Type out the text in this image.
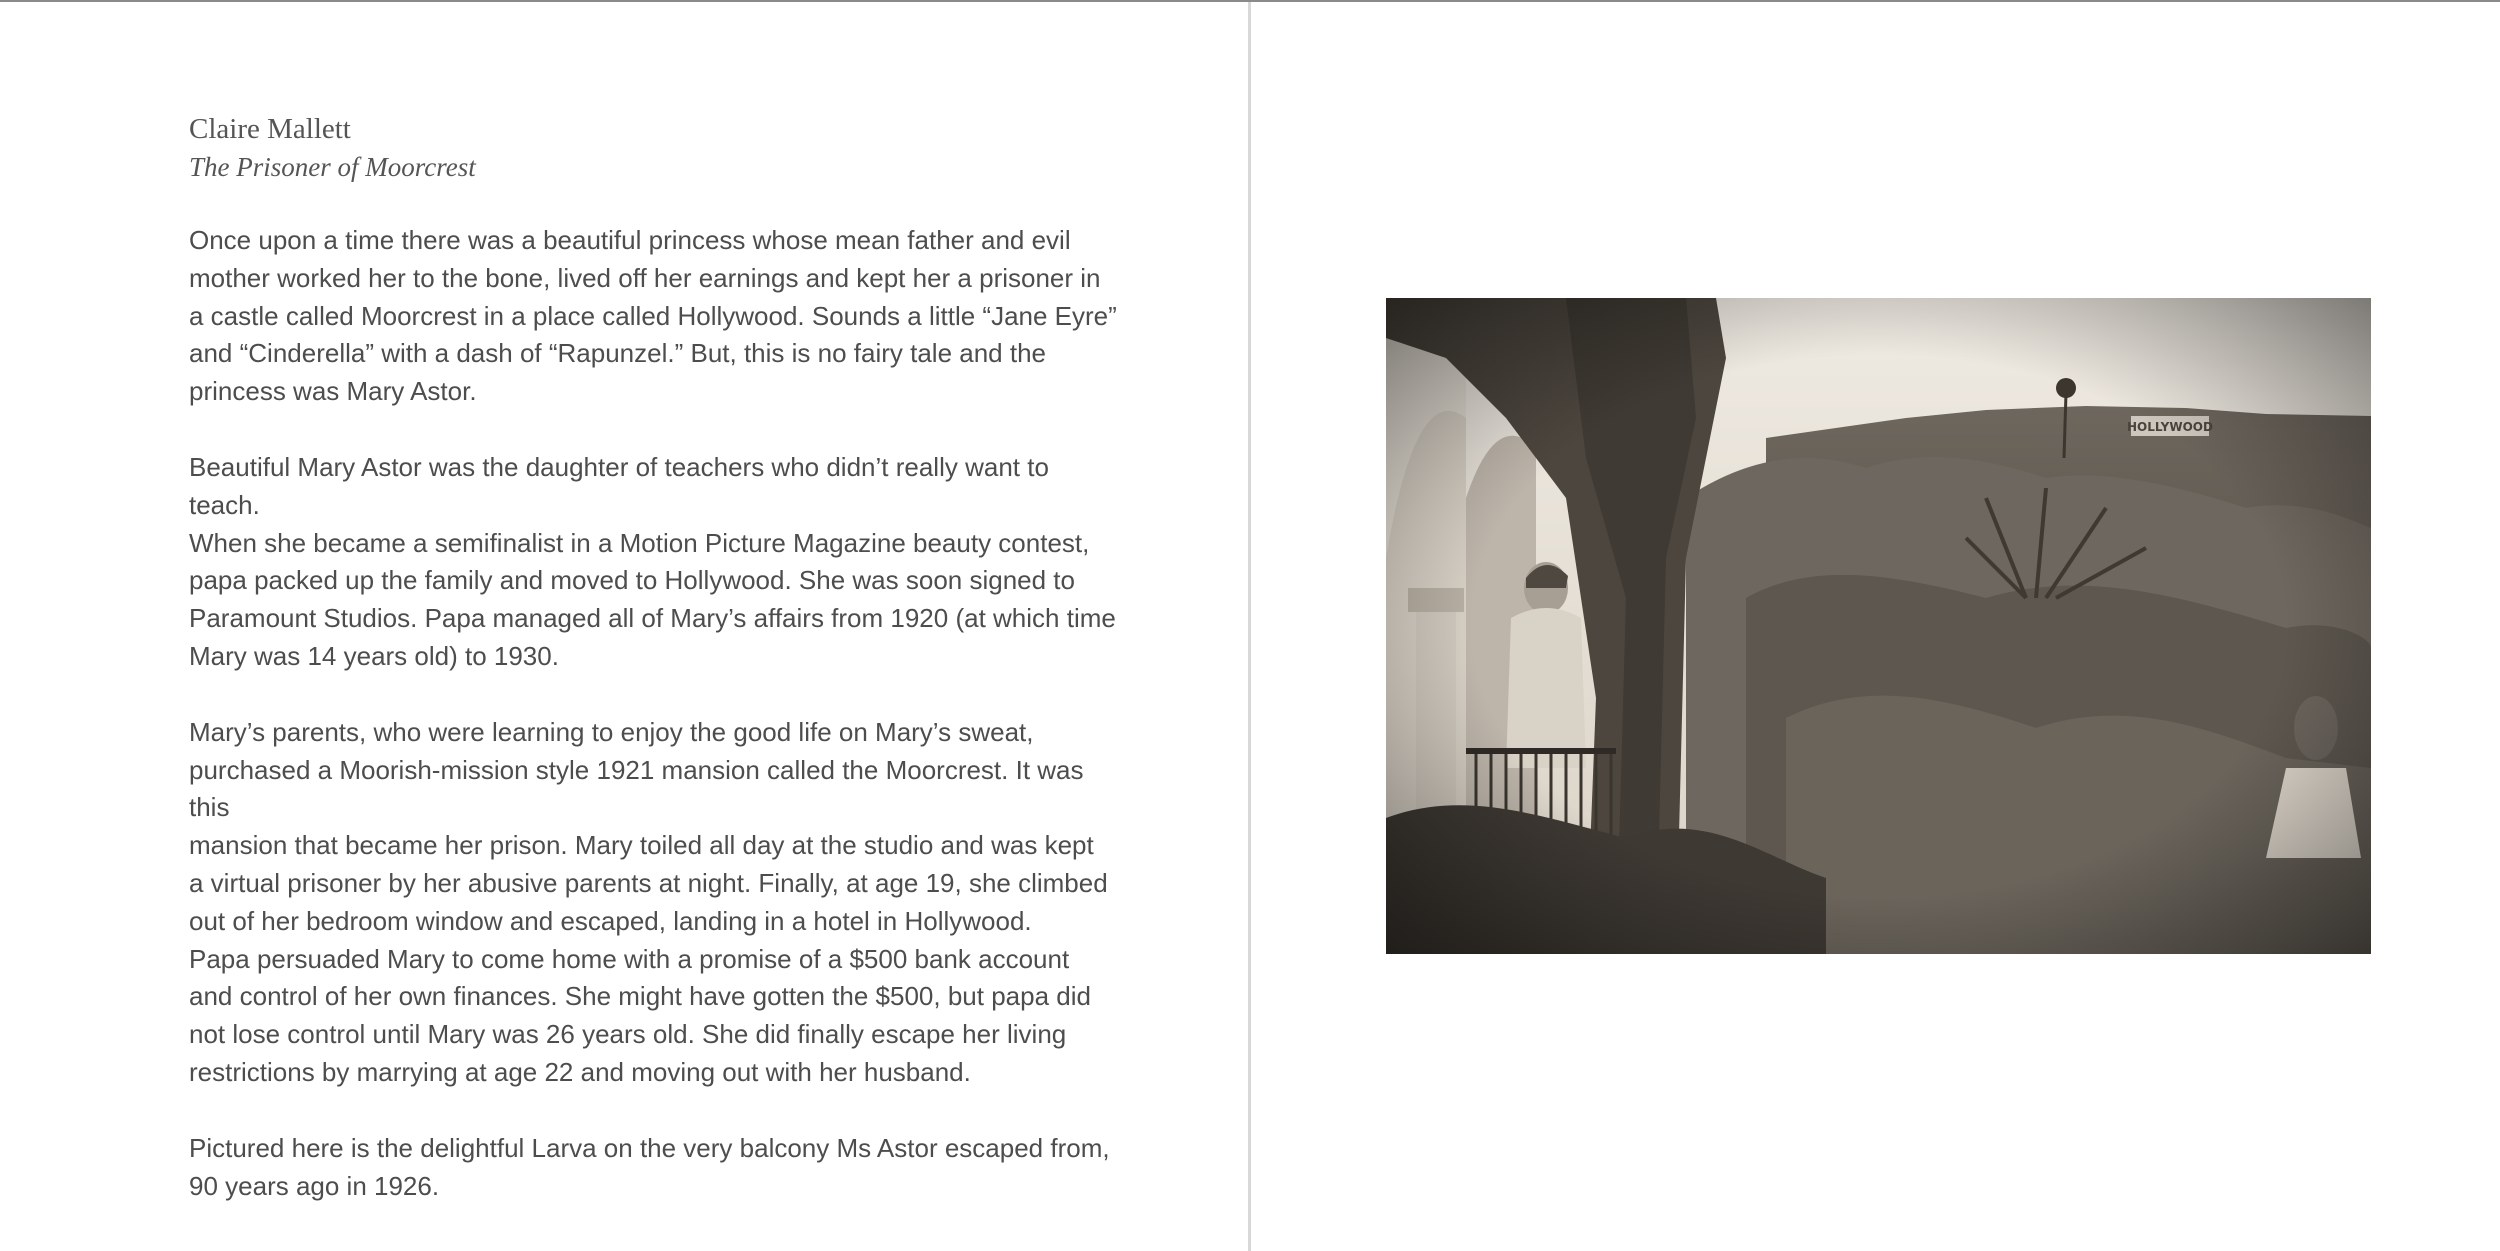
Claire Mallett

The Prisoner of Moorcrest

Once upon a time there was a beautiful princess whose mean father and evil
mother worked her to the bone, lived off her earnings and kept her a prisoner in
a castle called Moorcrest in a place called Hollywood. Sounds a little “Jane Eyre”
and “Cinderella” with a dash of “Rapunzel.” But, this is no fairy tale and the
princess was Mary Astor.

Beautiful Mary Astor was the daughter of teachers who didn’t really want to teach.
When she became a semifinalist in a Motion Picture Magazine beauty contest,
papa packed up the family and moved to Hollywood. She was soon signed to
Paramount Studios. Papa managed all of Mary’s affairs from 1920 (at which time
Mary was 14 years old) to 1930.

Mary’s parents, who were learning to enjoy the good life on Mary’s sweat,
purchased a Moorish-mission style 1921 mansion called the Moorcrest. It was this
mansion that became her prison. Mary toiled all day at the studio and was kept
a virtual prisoner by her abusive parents at night. Finally, at age 19, she climbed
out of her bedroom window and escaped, landing in a hotel in Hollywood.
Papa persuaded Mary to come home with a promise of a $500 bank account
and control of her own finances. She might have gotten the $500, but papa did
not lose control until Mary was 26 years old. She did finally escape her living
restrictions by marrying at age 22 and moving out with her husband.

Pictured here is the delightful Larva on the very balcony Ms Astor escaped from,
90 years ago in 1926.
